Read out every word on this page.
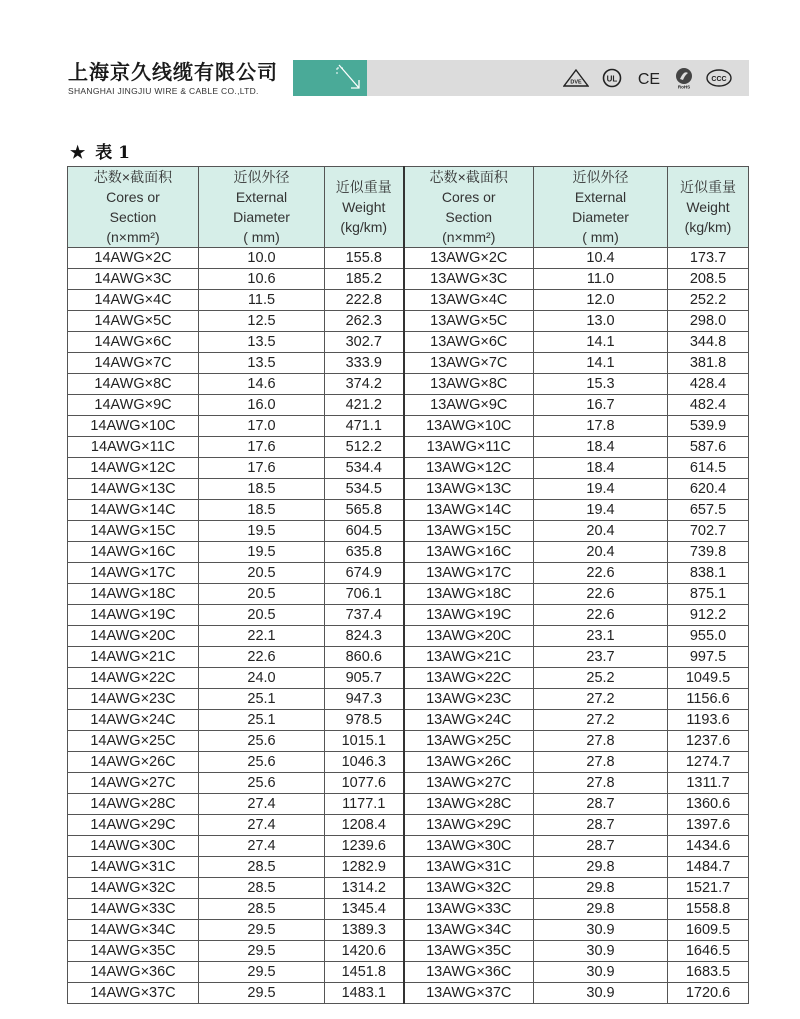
上海京久线缆有限公司
SHANGHAI JINGJIU WIRE & CABLE CO.,LTD.
DVE	UL CE	RoHS
CCC
★ 表 1
芯数×截面积
Cores or
Section
(n×mm²)	近似外径
External
Diameter
( mm)	近似重量
Weight
(kg/km)	芯数×截面积
Cores or
Section
(n×mm²)	近似外径
External
Diameter
( mm)	近似重量
Weight
(kg/km)

14AWG×2C	10.0	155.8	13AWG×2C	10.4	173.7
14AWG×3C	10.6	185.2	13AWG×3C	11.0	208.5
14AWG×4C	11.5	222.8	13AWG×4C	12.0	252.2
14AWG×5C	12.5	262.3	13AWG×5C	13.0	298.0
14AWG×6C	13.5	302.7	13AWG×6C	14.1	344.8
14AWG×7C	13.5	333.9	13AWG×7C	14.1	381.8
14AWG×8C	14.6	374.2	13AWG×8C	15.3	428.4
14AWG×9C	16.0	421.2	13AWG×9C	16.7	482.4
14AWG×10C	17.0	471.1	13AWG×10C	17.8	539.9
14AWG×11C	17.6	512.2	13AWG×11C	18.4	587.6
14AWG×12C	17.6	534.4	13AWG×12C	18.4	614.5
14AWG×13C	18.5	534.5	13AWG×13C	19.4	620.4
14AWG×14C	18.5	565.8	13AWG×14C	19.4	657.5
14AWG×15C	19.5	604.5	13AWG×15C	20.4	702.7
14AWG×16C	19.5	635.8	13AWG×16C	20.4	739.8
14AWG×17C	20.5	674.9	13AWG×17C	22.6	838.1
14AWG×18C	20.5	706.1	13AWG×18C	22.6	875.1
14AWG×19C	20.5	737.4	13AWG×19C	22.6	912.2
14AWG×20C	22.1	824.3	13AWG×20C	23.1	955.0
14AWG×21C	22.6	860.6	13AWG×21C	23.7	997.5
14AWG×22C	24.0	905.7	13AWG×22C	25.2	1049.5
14AWG×23C	25.1	947.3	13AWG×23C	27.2	1156.6
14AWG×24C	25.1	978.5	13AWG×24C	27.2	1193.6
14AWG×25C	25.6	1015.1	13AWG×25C	27.8	1237.6
14AWG×26C	25.6	1046.3	13AWG×26C	27.8	1274.7
14AWG×27C	25.6	1077.6	13AWG×27C	27.8	1311.7
14AWG×28C	27.4	1177.1	13AWG×28C	28.7	1360.6
14AWG×29C	27.4	1208.4	13AWG×29C	28.7	1397.6
14AWG×30C	27.4	1239.6	13AWG×30C	28.7	1434.6
14AWG×31C	28.5	1282.9	13AWG×31C	29.8	1484.7
14AWG×32C	28.5	1314.2	13AWG×32C	29.8	1521.7
14AWG×33C	28.5	1345.4	13AWG×33C	29.8	1558.8
14AWG×34C	29.5	1389.3	13AWG×34C	30.9	1609.5
14AWG×35C	29.5	1420.6	13AWG×35C	30.9	1646.5
14AWG×36C	29.5	1451.8	13AWG×36C	30.9	1683.5
14AWG×37C	29.5	1483.1	13AWG×37C	30.9	1720.6
